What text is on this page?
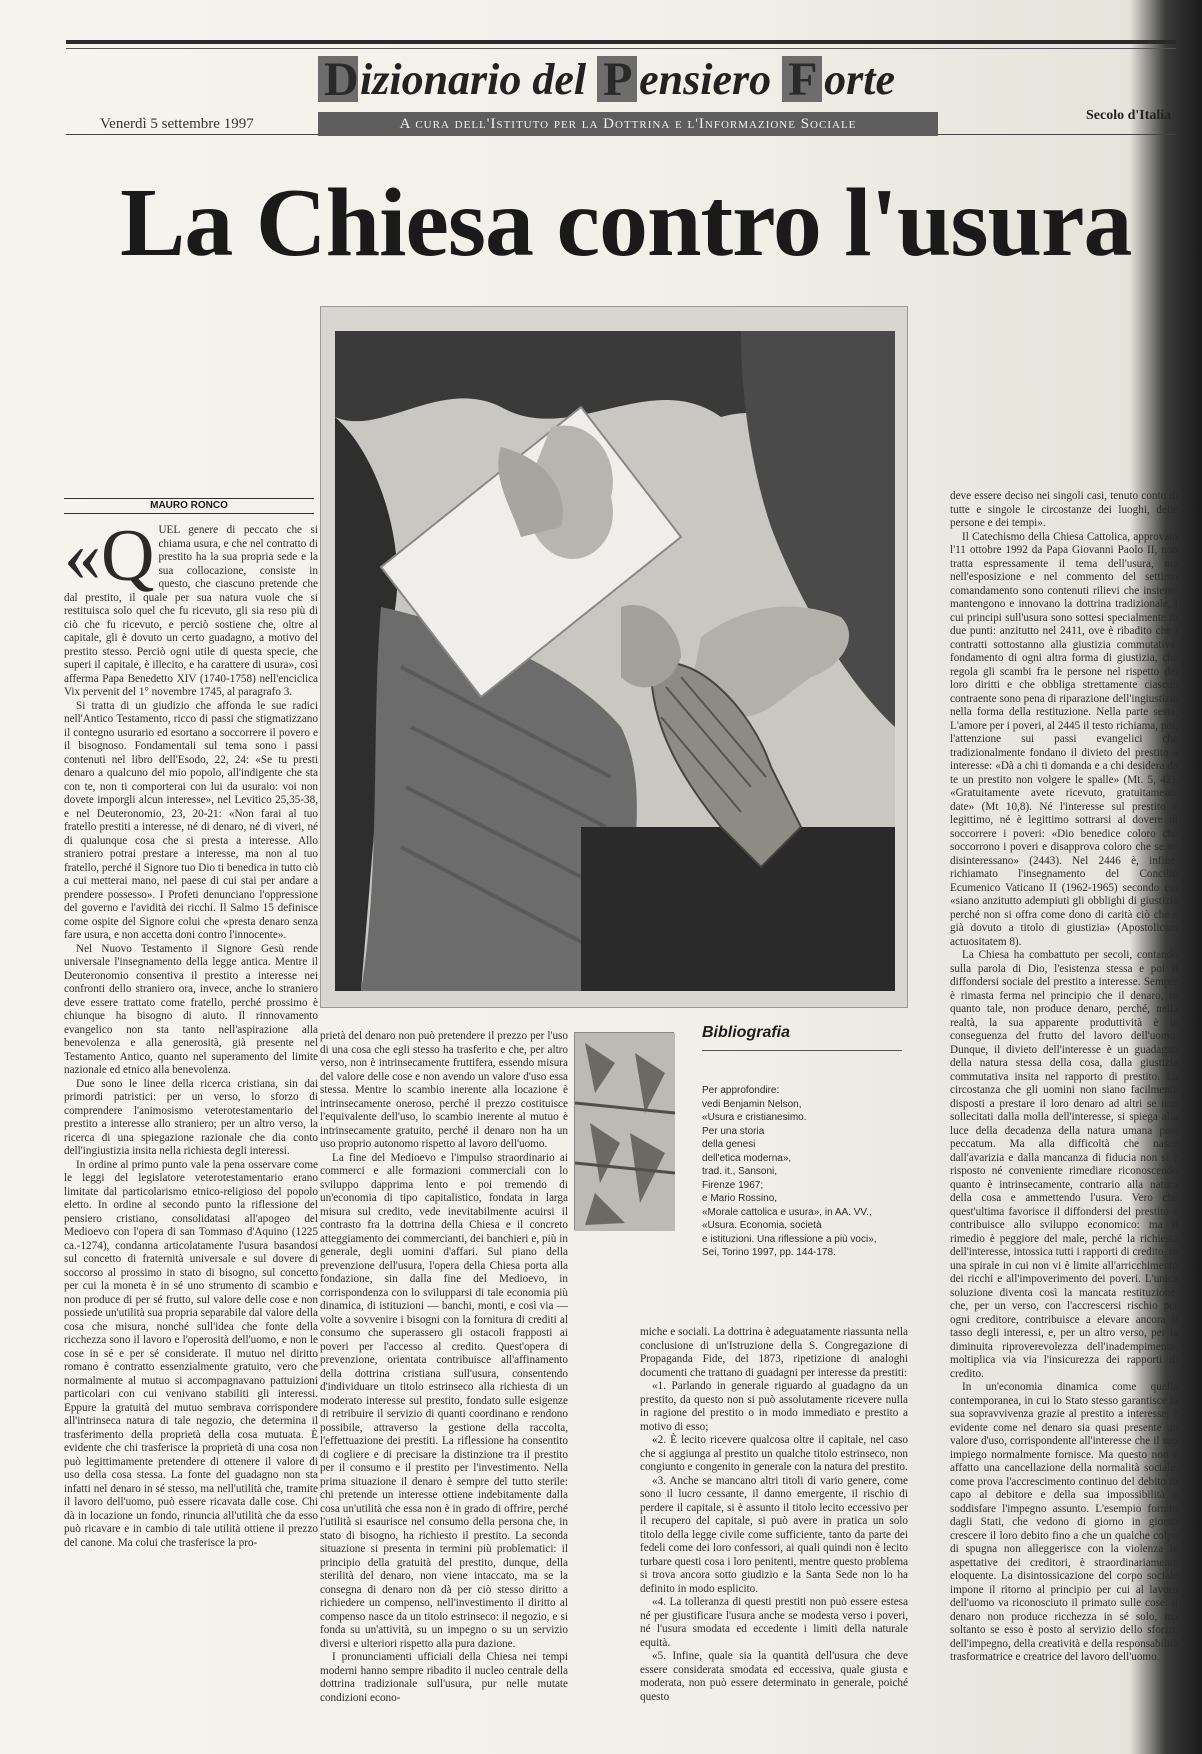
D izionario del P ensiero F orte
A cura dell'Istituto per la Dottrina e l'Informazione Sociale
Venerdì 5 settembre 1997
Secolo d'Italia
La Chiesa contro l'usura
MAURO RONCO
«Q UEL genere di peccato che si chiama usura, e che nel contratto di prestito ha la sua propria sede e la sua collocazione, consiste in questo, che ciascuno pretende che dal prestito, il quale per sua natura vuole che si restituisca solo quel che fu ricevuto, gli sia reso più di ciò che fu ricevuto, e perciò sostiene che, oltre al capitale, gli è dovuto un certo guadagno, a motivo del prestito stesso. Perciò ogni utile di questa specie, che superi il capitale, è illecito, e ha carattere di usura», così afferma Papa Benedetto XIV (1740-1758) nell'enciclica Vix pervenit del 1° novembre 1745, al paragrafo 3.

Si tratta di un giudizio che affonda le sue radici nell'Antico Testamento, ricco di passi che stigmatizzano il contegno usurario ed esortano a soccorrere il povero e il bisognoso. Fondamentali sul tema sono i passi contenuti nel libro dell'Esodo, 22, 24: «Se tu presti denaro a qualcuno del mio popolo, all'indigente che sta con te, non ti comporterai con lui da usuraio: voi non dovete imporgli alcun interesse», nel Levitico 25,35-38, e nel Deuteronomio, 23, 20-21: «Non farai al tuo fratello prestiti a interesse, né di denaro, né di viveri, né di qualunque cosa che si presta a interesse. Allo straniero potrai prestare a interesse, ma non al tuo fratello, perché il Signore tuo Dio ti benedica in tutto ciò a cui metterai mano, nel paese di cui stai per andare a prendere possesso». I Profeti denunciano l'oppressione del governo e l'avidità dei ricchi. Il Salmo 15 definisce come ospite del Signore colui che «presta denaro senza fare usura, e non accetta doni contro l'innocente».

Nel Nuovo Testamento il Signore Gesù rende universale l'insegnamento della legge antica. Mentre il Deuteronomio consentiva il prestito a interesse nei confronti dello straniero ora, invece, anche lo straniero deve essere trattato come fratello, perché prossimo è chiunque ha bisogno di aiuto. Il rinnovamento evangelico non sta tanto nell'aspirazione alla benevolenza e alla generosità, già presente nel Testamento Antico, quanto nel superamento del limite nazionale ed etnico alla benevolenza.

Due sono le linee della ricerca cristiana, sin dai primordi patristici: per un verso, lo sforzo di comprendere l'animosismo veterotestamentario del prestito a interesse allo straniero; per un altro verso, la ricerca di una spiegazione razionale che dia conto dell'ingiustizia insita nella richiesta degli interessi.

In ordine al primo punto vale la pena osservare come le leggi del legislatore veterotestamentario erano limitate dal particolarismo etnico-religioso del popolo eletto. In ordine al secondo punto la riflessione del pensiero cristiano, consolidatasi all'apogeo del Medioevo con l'opera di san Tommaso d'Aquino (1225 ca.-1274), condanna articolatamente l'usura basandosi sul concetto di fraternità universale e sul dovere di soccorso al prossimo in stato di bisogno, sul concetto per cui la moneta è in sé uno strumento di scambio e non produce di per sé frutto, sul valore delle cose e non possiede un'utilità sua propria separabile dal valore della cosa che misura, nonché sull'idea che fonte della ricchezza sono il lavoro e l'operosità dell'uomo, e non le cose in sé e per sé considerate. Il mutuo nel diritto romano è contratto essenzialmente gratuito, vero che normalmente al mutuo si accompagnavano pattuizioni particolari con cui venivano stabiliti gli interessi. Eppure la gratuità del mutuo sembrava corrispondere all'intrinseca natura di tale negozio, che determina il trasferimento della proprietà della cosa mutuata. È evidente che chi trasferisce la proprietà di una cosa non può legittimamente pretendere di ottenere il valore di uso della cosa stessa. La fonte del guadagno non sta infatti nel denaro in sé stesso, ma nell'utilità che, tramite il lavoro dell'uomo, può essere ricavata dalle cose. Chi dà in locazione un fondo, rinuncia all'utilità che da esso può ricavare e in cambio di tale utilità ottiene il prezzo del canone. Ma colui che trasferisce la pro-

prietà del denaro non può pretendere il prezzo per l'uso di una cosa che egli stesso ha trasferito e che, per altro verso, non è intrinsecamente fruttifera, essendo misura del valore delle cose e non avendo un valore d'uso essa stessa. Mentre lo scambio inerente alla locazione è intrinsecamente oneroso, perché il prezzo costituisce l'equivalente dell'uso, lo scambio inerente al mutuo è intrinsecamente gratuito, perché il denaro non ha un uso proprio autonomo rispetto al lavoro dell'uomo.

La fine del Medioevo e l'impulso straordinario ai commerci e alle formazioni commerciali con lo sviluppo dapprima lento e poi tremendo di un'economia di tipo capitalistico, fondata in larga misura sul credito, vede inevitabilmente acuirsi il contrasto fra la dottrina della Chiesa e il concreto atteggiamento dei commercianti, dei banchieri e, più in generale, degli uomini d'affari. Sul piano della prevenzione dell'usura, l'opera della Chiesa porta alla fondazione, sin dalla fine del Medioevo, in corrispondenza con lo svilupparsi di tale economia più dinamica, di istituzioni — banchi, monti, e così via — volte a sovvenire i bisogni con la fornitura di crediti al consumo che superassero gli ostacoli frapposti ai poveri per l'accesso al credito. Quest'opera di prevenzione, orientata contribuisce all'affinamento della dottrina cristiana sull'usura, consentendo d'individuare un titolo estrinseco alla richiesta di un moderato interesse sul prestito, fondato sulle esigenze di retribuire il servizio di quanti coordinano e rendono possibile, attraverso la gestione della raccolta, l'effettuazione dei prestiti. La riflessione ha consentito di cogliere e di precisare la distinzione tra il prestito per il consumo e il prestito per l'investimento. Nella prima situazione il denaro è sempre del tutto sterile: chi pretende un interesse ottiene indebitamente dalla cosa un'utilità che essa non è in grado di offrire, perché l'utilità si esaurisce nel consumo della persona che, in stato di bisogno, ha richiesto il prestito. La seconda situazione si presenta in termini più problematici: il principio della gratuità del prestito, dunque, della sterilità del denaro, non viene intaccato, ma se la consegna di denaro non dà per ciò stesso diritto a richiedere un compenso, nell'investimento il diritto al compenso nasce da un titolo estrinseco: il negozio, e si fonda su un'attività, su un impegno o su un servizio diversi e ulteriori rispetto alla pura dazione.

I pronunciamenti ufficiali della Chiesa nei tempi moderni hanno sempre ribadito il nucleo centrale della dottrina tradizionale sull'usura, pur nelle mutate condizioni econo-

Bibliografia
Per approfondire:
vedi Benjamin Nelson,
«Usura e cristianesimo.
Per una storia
della genesi
dell'etica moderna»,
trad. it., Sansoni,
Firenze 1967;
e Mario Rossino,
«Morale cattolica e usura», in AA. VV.,
«Usura. Economia, società
e istituzioni. Una riflessione a più voci»,
Sei, Torino 1997, pp. 144-178.

miche e sociali. La dottrina è adeguatamente riassunta nella conclusione di un'Istruzione della S. Congregazione di Propaganda Fide, del 1873, ripetizione di analoghi documenti che trattano di guadagni per interesse da prestiti:

«1. Parlando in generale riguardo al guadagno da un prestito, da questo non si può assolutamente ricevere nulla in ragione del prestito o in modo immediato e prestito a motivo di esso;

«2. È lecito ricevere qualcosa oltre il capitale, nel caso che si aggiunga al prestito un qualche titolo estrinseco, non congiunto e congenito in generale con la natura del prestito.

«3. Anche se mancano altri titoli di vario genere, come sono il lucro cessante, il danno emergente, il rischio di perdere il capitale, si è assunto il titolo lecito eccessivo per il recupero del capitale, si può avere in pratica un solo titolo della legge civile come sufficiente, tanto da parte dei fedeli come dei loro confessori, ai quali quindi non è lecito turbare questi cosa i loro penitenti, mentre questo problema si trova ancora sotto giudizio e la Santa Sede non lo ha definito in modo esplicito.

«4. La tolleranza di questi prestiti non può essere estesa né per giustificare l'usura anche se modesta verso i poveri, né l'usura smodata ed eccedente i limiti della naturale equità.

«5. Infine, quale sia la quantità dell'usura che deve essere considerata smodata ed eccessiva, quale giusta e moderata, non può essere determinato in generale, poiché questo

deve essere deciso nei singoli casi, tenuto conto di tutte e singole le circostanze dei luoghi, delle persone e dei tempi».

Il Catechismo della Chiesa Cattolica, approvato l'11 ottobre 1992 da Papa Giovanni Paolo II, non tratta espressamente il tema dell'usura, ma nell'esposizione e nel commento del settimo comandamento sono contenuti rilievi che insieme mantengono e innovano la dottrina tradizionale, i cui principi sull'usura sono sottesi specialmente in due punti: anzitutto nel 2411, ove è ribadito che i contratti sottostanno alla giustizia commutativa, fondamento di ogni altra forma di giustizia, che regola gli scambi fra le persone nel rispetto dei loro diritti e che obbliga strettamente ciascun contraente sono pena di riparazione dell'ingiustizia nella forma della restituzione. Nella parte sesta, L'amore per i poveri, al 2445 il testo richiama, poi, l'attenzione sui passi evangelici che tradizionalmente fondano il divieto del prestito a interesse: «Dà a chi ti domanda e a chi desidera da te un prestito non volgere le spalle» (Mt. 5, 42), «Gratuitamente avete ricevuto, gratuitamente date» (Mt 10,8). Né l'interesse sul prestito è legittimo, né è legittimo sottrarsi al dovere di soccorrere i poveri: «Dio benedice coloro che soccorrono i poveri e disapprova coloro che se ne disinteressano» (2443). Nel 2446 è, infine, richiamato l'insegnamento del Concilio Ecumenico Vaticano II (1962-1965) secondo cui «siano anzitutto adempiuti gli obblighi di giustizia perché non si offra come dono di carità ciò che è già dovuto a titolo di giustizia» (Apostolicam actuositatem 8).

La Chiesa ha combattuto per secoli, contando sulla parola di Dio, l'esistenza stessa e poi il diffondersi sociale del prestito a interesse. Sempre è rimasta ferma nel principio che il denaro, in quanto tale, non produce denaro, perché, nella realtà, la sua apparente produttività è la conseguenza del frutto del lavoro dell'uomo. Dunque, il divieto dell'interesse è un guadagno della natura stessa della cosa, dalla giustizia commutativa insita nel rapporto di prestito. La circostanza che gli uomini non siano facilmente disposti a prestare il loro denaro ad altri se non sollecitati dalla molla dell'interesse, si spiega alla luce della decadenza della natura umana post peccatum. Ma alla difficoltà che nasce dall'avarizia e dalla mancanza di fiducia non si è risposto né conveniente rimediare riconoscendo quanto è intrinsecamente, contrario alla natura della cosa e ammettendo l'usura. Vero che quest'ultima favorisce il diffondersi del prestito e contribuisce allo sviluppo economico: ma il rimedio è peggiore del male, perché la richiesta dell'interesse, intossica tutti i rapporti di credito, in una spirale in cui non vi è limite all'arricchimento dei ricchi e all'impoverimento dei poveri. L'unica soluzione diventa così la mancata restituzione, che, per un verso, con l'accrescersi rischio per ogni creditore, contribuisce a elevare ancora il tasso degli interessi, e, per un altro verso, per la diminuita riproverevolezza dell'inadempimento, moltiplica via via l'insicurezza dei rapporti di credito.

In un'economia dinamica come quella contemporanea, in cui lo Stato stesso garantisce la sua sopravvivenza grazie al prestito a interesse, è evidente come nel denaro sia quasi presente un valore d'uso, corrispondente all'interesse che il suo impiego normalmente fornisce. Ma questo non è affatto una cancellazione della normalità sociale, come prova l'accrescimento continuo del debito in capo al debitore e della sua impossibilità a soddisfare l'impegno assunto. L'esempio fornito dagli Stati, che vedono di giorno in giorno crescere il loro debito fino a che un qualche colpo di spugna non alleggerisce con la violenza le aspettative dei creditori, è straordinariamente eloquente. La disintossicazione del corpo sociale impone il ritorno al principio per cui al lavoro dell'uomo va riconosciuto il primato sulle cose: il denaro non produce ricchezza in sé solo, ma soltanto se esso è posto al servizio dello sforzo, dell'impegno, della creatività e della responsabilità trasformatrice e creatrice del lavoro dell'uomo.
